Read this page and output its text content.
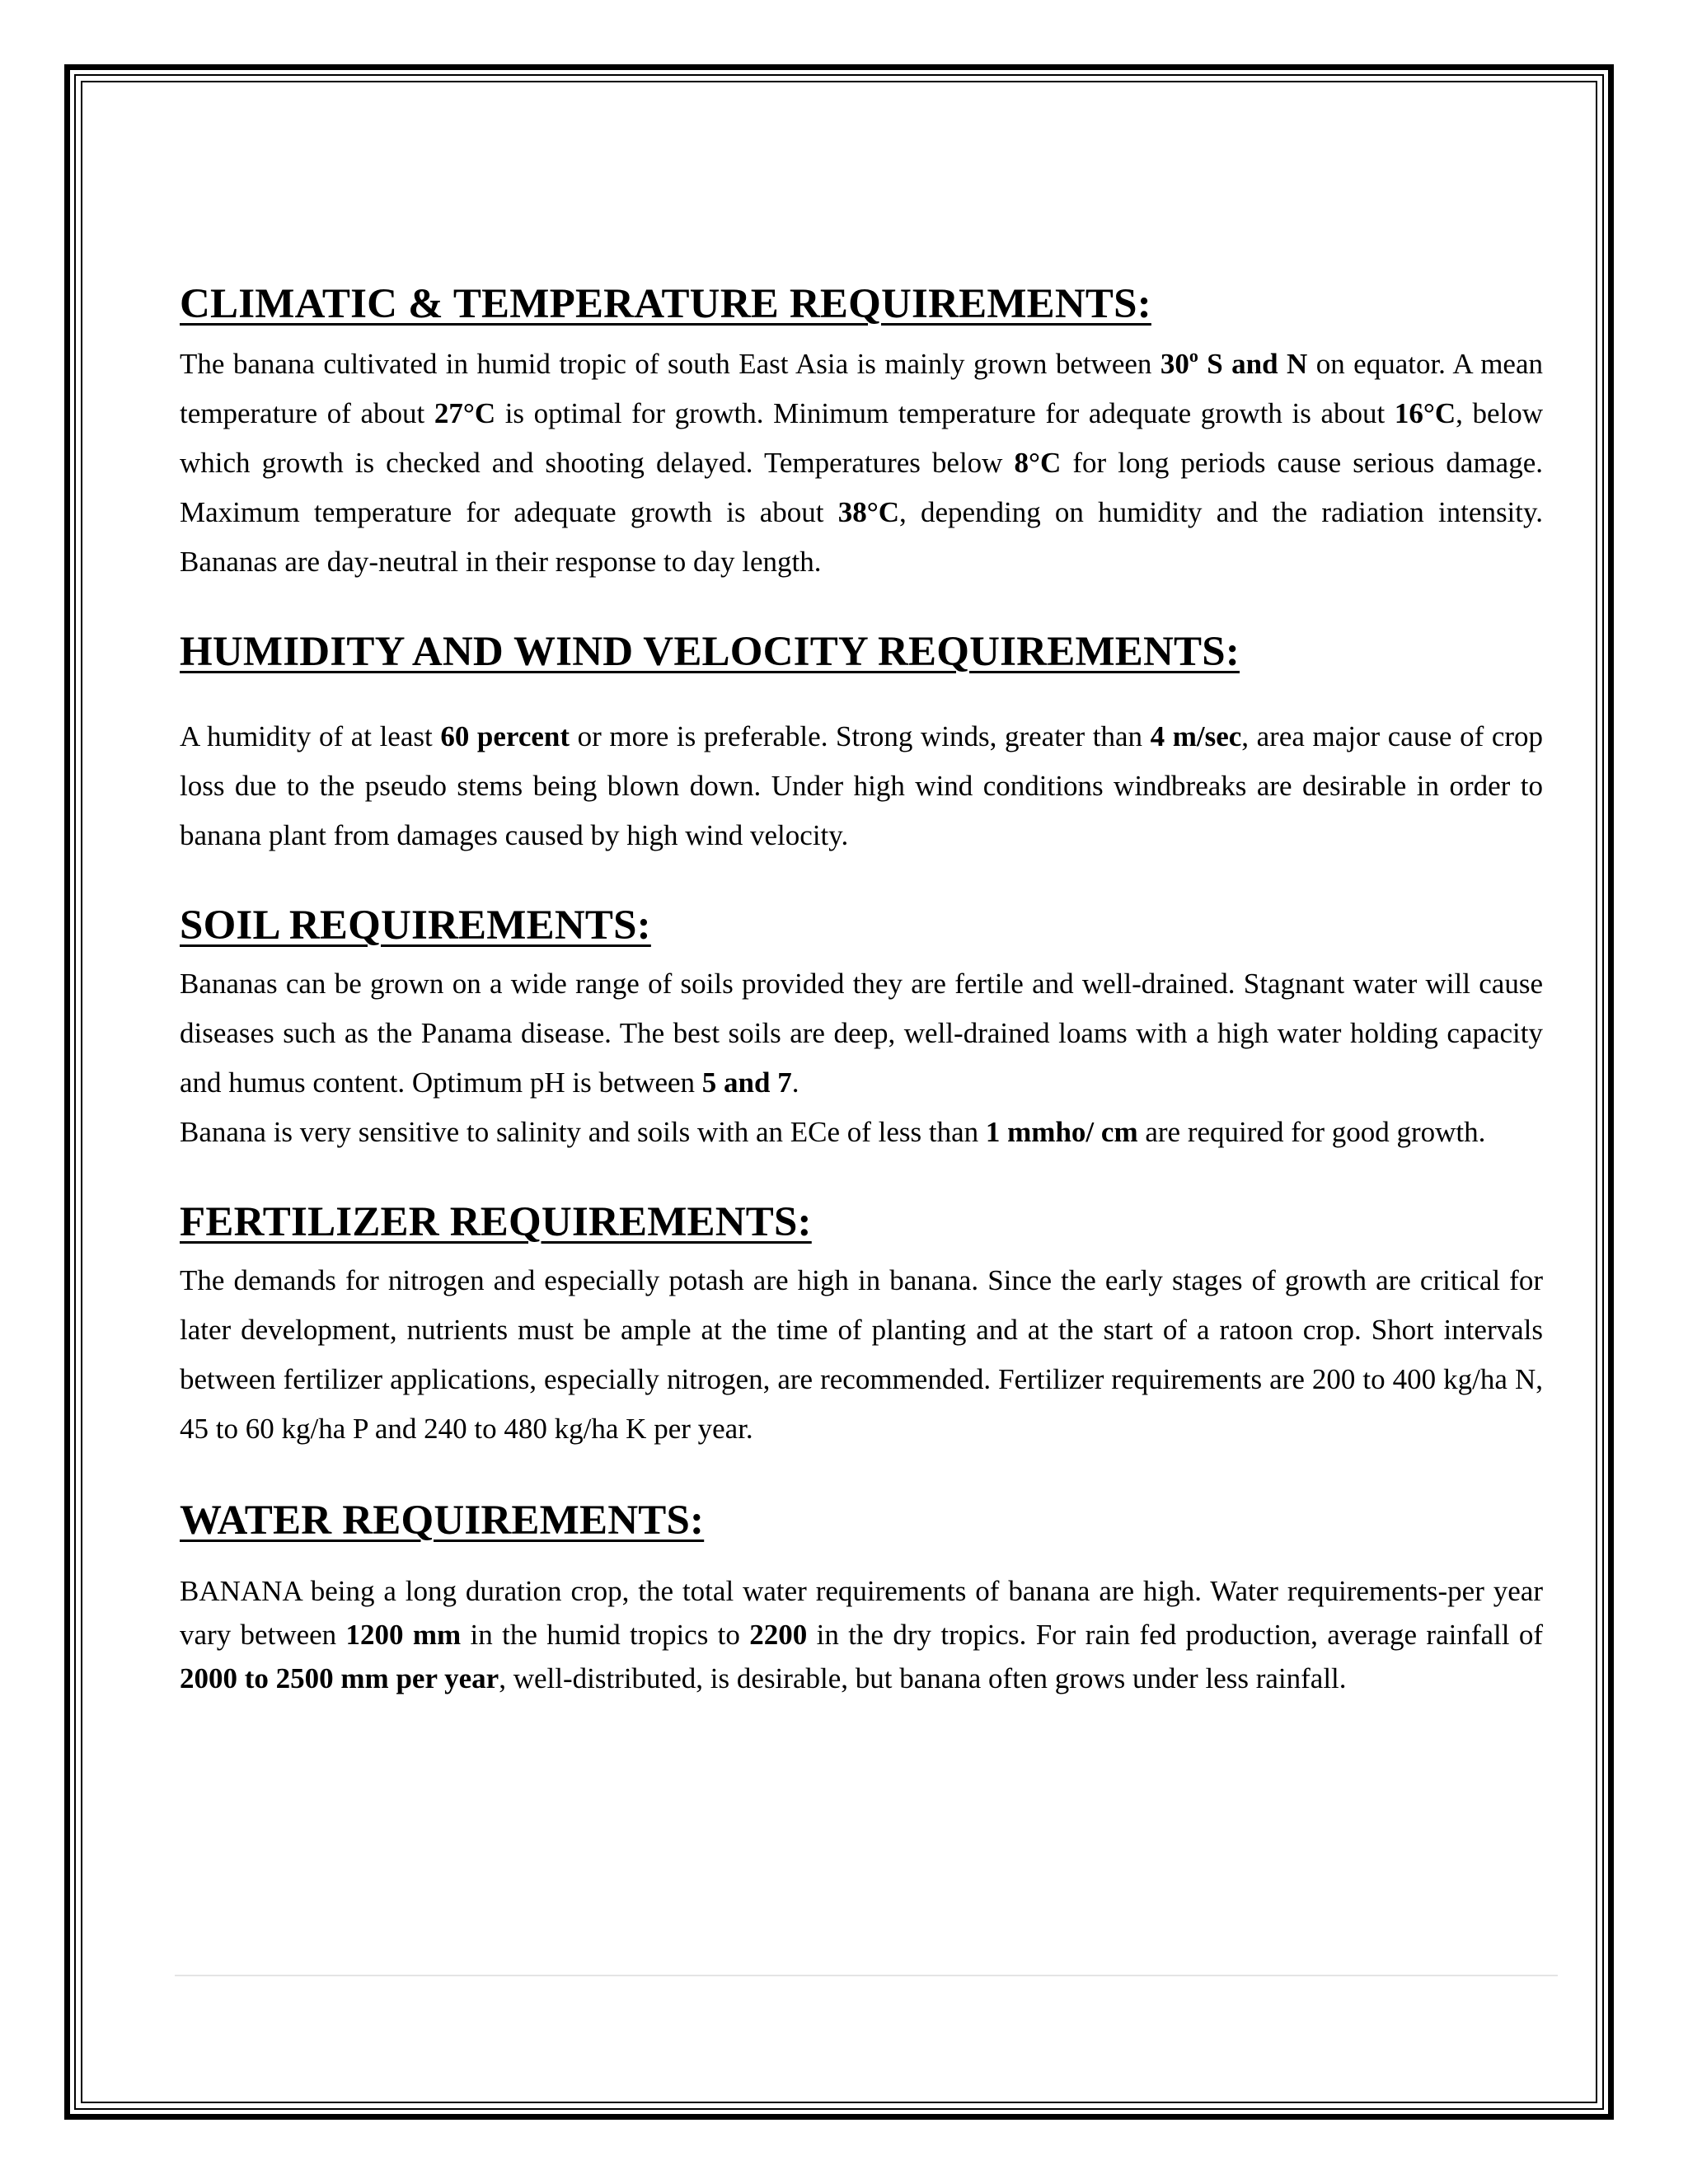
CLIMATIC & TEMPERATURE REQUIREMENTS:

The banana cultivated in humid tropic of south East Asia is mainly grown between 30$^o$ S and N on equator. A mean temperature of about 27°C is optimal for growth. Minimum temperature for adequate growth is about 16°C, below which growth is checked and shooting delayed. Temperatures below 8°C for long periods cause serious damage. Maximum temperature for adequate growth is about 38°C, depending on humidity and the radiation intensity. Bananas are day-neutral in their response to day length.

HUMIDITY AND WIND VELOCITY REQUIREMENTS:

A humidity of at least 60 percent or more is preferable. Strong winds, greater than 4 m/sec, area major cause of crop loss due to the pseudo stems being blown down. Under high wind conditions windbreaks are desirable in order to banana plant from damages caused by high wind velocity.

SOIL REQUIREMENTS:

Bananas can be grown on a wide range of soils provided they are fertile and well-drained. Stagnant water will cause diseases such as the Panama disease. The best soils are deep, well-drained loams with a high water holding capacity and humus content. Optimum pH is between 5 and 7.

Banana is very sensitive to salinity and soils with an ECe of less than 1 mmho/ cm are required for good growth.

FERTILIZER REQUIREMENTS:

The demands for nitrogen and especially potash are high in banana. Since the early stages of growth are critical for later development, nutrients must be ample at the time of planting and at the start of a ratoon crop. Short intervals between fertilizer applications, especially nitrogen, are recommended. Fertilizer requirements are 200 to 400 kg/ha N, 45 to 60 kg/ha P and 240 to 480 kg/ha K per year.

WATER REQUIREMENTS:

BANANA being a long duration crop, the total water requirements of banana are high. Water requirements-per year vary between 1200 mm in the humid tropics to 2200 in the dry tropics. For rain fed production, average rainfall of 2000 to 2500 mm per year, well-distributed, is desirable, but banana often grows under less rainfall.
